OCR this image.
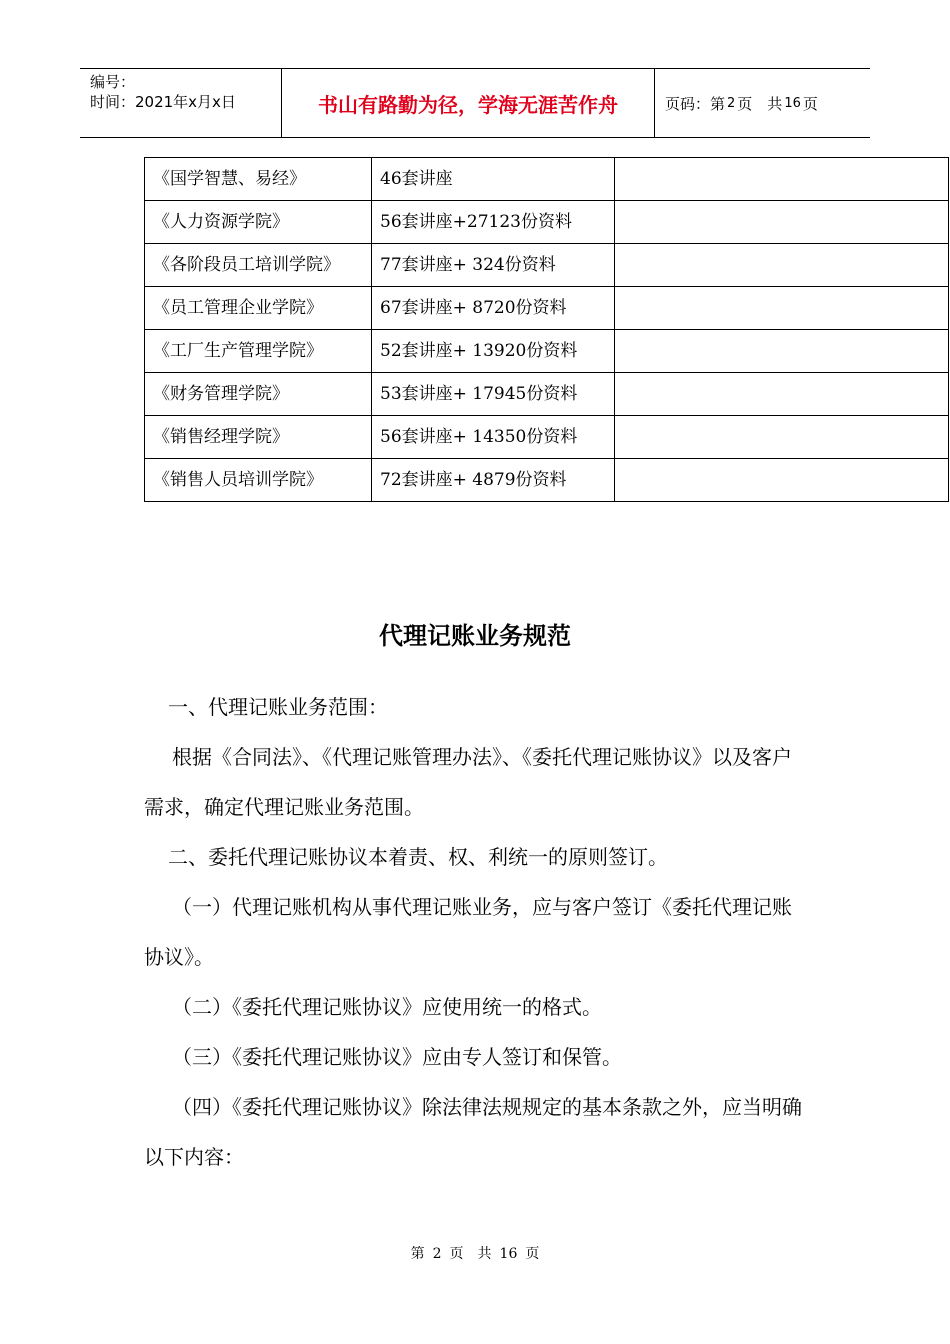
编号：
时间：2021年x月x日	书山有路勤为径，学海无涯苦作舟	页码：第 2 页　共 16 页
《国学智慧、易经》	46套讲座	
《人力资源学院》	56套讲座+27123份资料	
《各阶段员工培训学院》	77套讲座+ 324份资料	
《员工管理企业学院》	67套讲座+ 8720份资料	
《工厂生产管理学院》	52套讲座+ 13920份资料	
《财务管理学院》	53套讲座+ 17945份资料	
《销售经理学院》	56套讲座+ 14350份资料	
《销售人员培训学院》	72套讲座+ 4879份资料	
代理记账业务规范

一、代理记账业务范围：

根据《合同法》、《代理记账管理办法》、《委托代理记账协议》以及客户需求，确定代理记账业务范围。

二、委托代理记账协议本着责、权、利统一的原则签订。

（一）代理记账机构从事代理记账业务，应与客户签订《委托代理记账协议》。

（二）《委托代理记账协议》应使用统一的格式。

（三）《委托代理记账协议》应由专人签订和保管。

（四）《委托代理记账协议》除法律法规规定的基本条款之外，应当明确以下内容：

第 2 页　共 16 页
